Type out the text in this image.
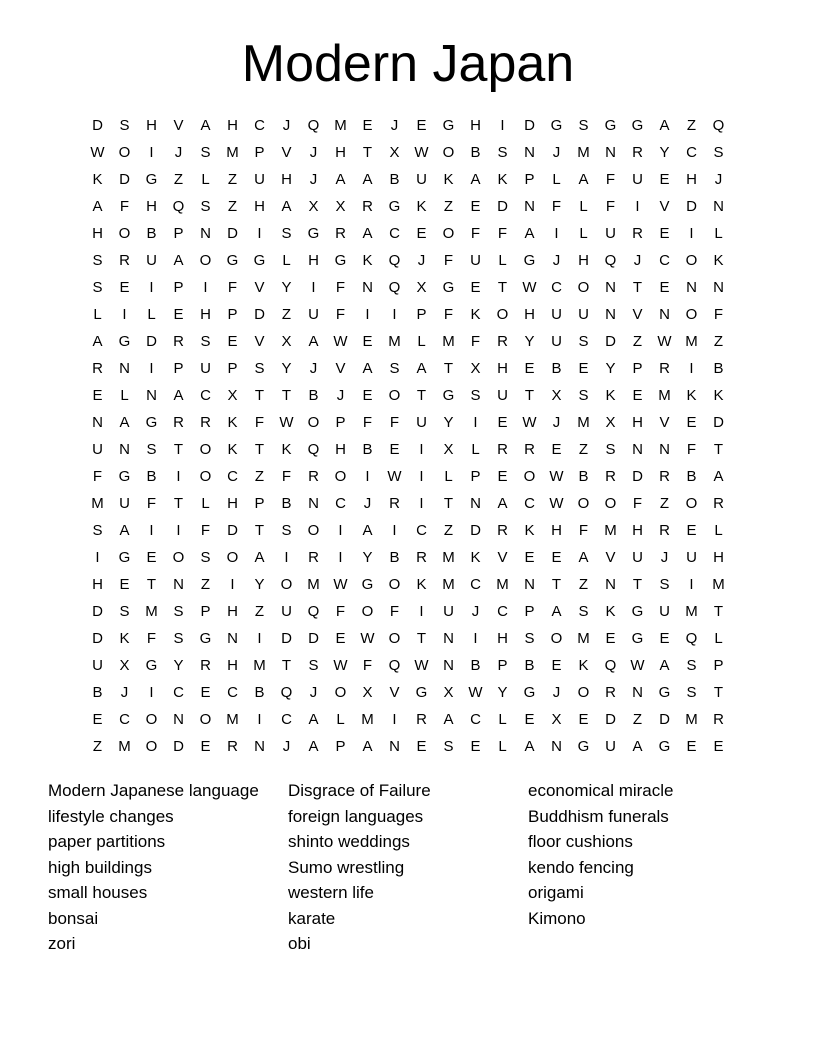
Modern Japan
D	S	H	V	A	H	C	J	Q M	E	J	E	G	H	I	D	G	S	G	G	A	Z	Q
W O	I	J	S	M	P	V	J	H	T	X W O	B	S	N	J	M	N	R	Y	C	S
K	D	G	Z	L	Z	U	H	J	A	A	B	U	K	A	K	P	L	A	F	U	E	H	J
A	F	H	Q	S	Z	H	A	X	X	R	G	K	Z	E	D	N	F	L	F	I	V	D	N
H	O	B	P	N	D	I	S	G	R	A	C	E	O	F	F	A	I	L	U	R	E	I	L
S	R	U	A	O	G	G	L	H	G	K	Q	J	F	U	L	G	J	H	Q	J	C	O	K
S	E	I	P	I	F	V	Y	I	F	N	Q	X	G	E	T	W C	O	N	T	E	N	N
L	I	L	E	H	P	D	Z	U	F	I	I	P	F	K	O	H	U	U	N	V	N	O	F
A	G	D	R	S	E	V	X	A W E	M	L	M	F	R	Y	U	S	D	Z	W M	Z
R	N	I	P	U	P	S	Y	J	V	A	S	A	T	X	H	E	B	E	Y	P	R	I	B
E	L	N	A	C	X	T	T	B	J	E	O	T	G	S	U	T	X	S	K	E	M	K	K
N	A	G	R	R	K	F	W O	P	F	F	U	Y	I	E W	J	M	X	H	V	E	D
U	N	S	T	O	K	T	K	Q	H	B	E	I	X	L	R	R	E	Z	S	N	N	F	T
F	G	B	I	O	C	Z	F	R	O	I	W	I	L	P	E	O W B	R	D	R	B	A
M	U	F	T	L	H	P	B	N	C	J	R	I	T	N	A	C W O	O	F	Z	O	R
S	A	I	I	F	D	T	S	O	I	A	I	C	Z	D	R	K	H	F	M	H	R	E	L
I	G	E	O	S	O	A	I	R	I	Y	B	R	M	K	V	E	E	A	V	U	J	U	H
H	E	T	N	Z	I	Y	O M W G	O	K	M	C	M	N	T	Z	N	T	S	I	M
D	S	M	S	P	H	Z	U	Q	F	O	F	I	U	J	C	P	A	S	K	G	U	M	T
D	K	F	S	G	N	I	D	D	E W O	T	N	I	H	S	O M	E	G	E	Q	L
U	X	G	Y	R	H	M	T	S W	F	Q W N	B	P	B	E	K	Q W A	S	P
B	J	I	C	E	C	B	Q	J	O	X	V	G	X W Y	G	J	O	R	N	G	S	T
E	C	O	N	O M	I	C	A	L	M	I	R	A	C	L	E	X	E	D	Z	D	M	R
Z	M O	D	E	R	N	J	A	P	A	N	E	S	E	L	A	N	G	U	A	G	E	E
Modern Japanese language
lifestyle changes
paper partitions
high buildings
small houses
bonsai
zori
Disgrace of Failure
foreign languages
shinto weddings
Sumo wrestling
western life
karate
obi
economical miracle
Buddhism funerals
floor cushions
kendo fencing
origami
Kimono
